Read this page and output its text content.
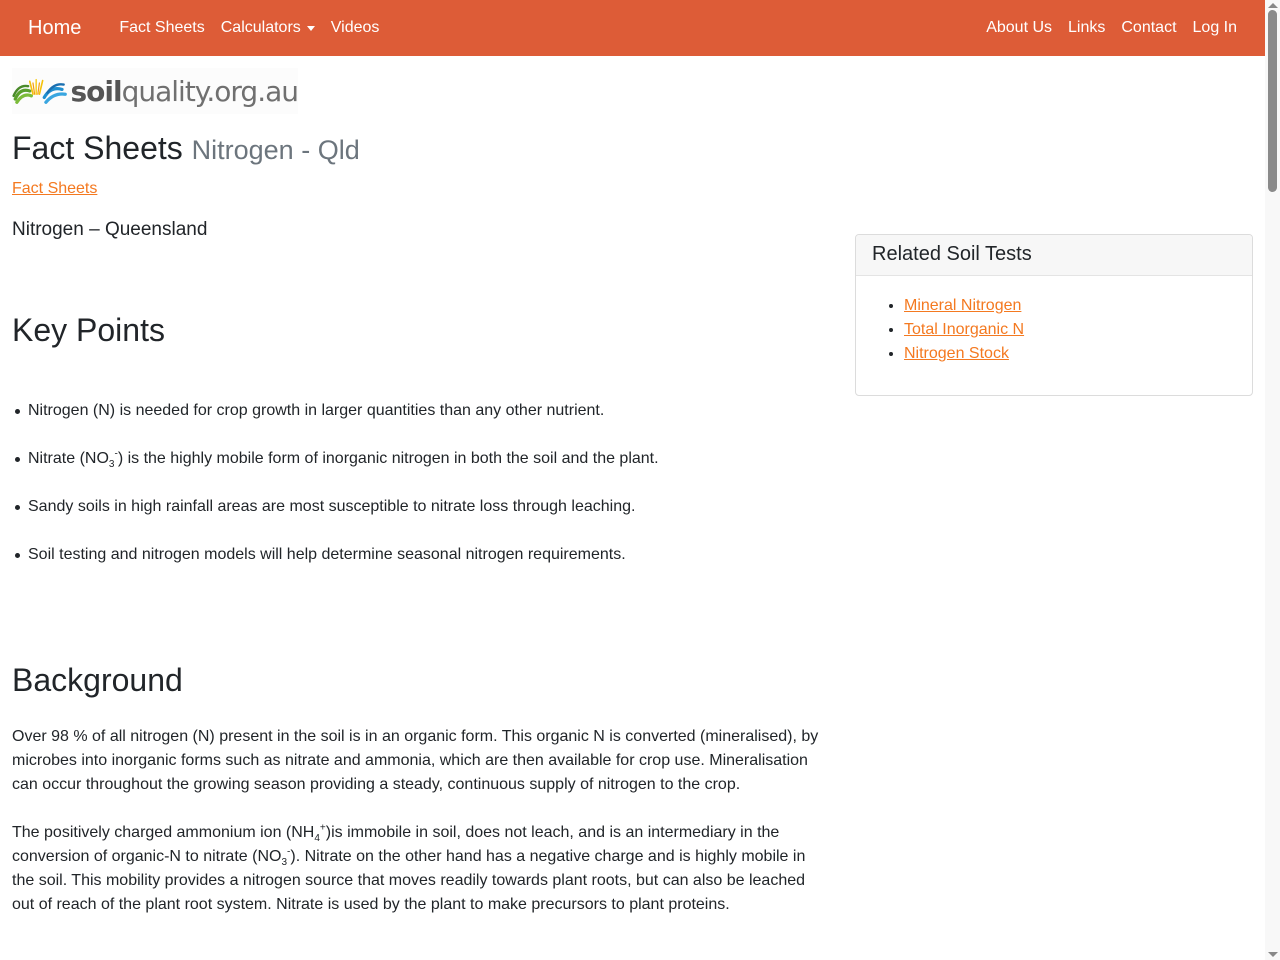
Home	Fact Sheets	Calculators	Videos	About Us	Links	Contact	Log In
soilquality.org.au
Fact Sheets Nitrogen - Qld
Fact Sheets
Nitrogen – Queensland
Key Points
Nitrogen (N) is needed for crop growth in larger quantities than any other nutrient.
Nitrate $(NO_3^-)$ is the highly mobile form of inorganic nitrogen in both the soil and the plant.
Sandy soils in high rainfall areas are most susceptible to nitrate loss through leaching.
Soil testing and nitrogen models will help determine seasonal nitrogen requirements.
Background

Over 98 % of all nitrogen (N) present in the soil is in an organic form. This organic N is converted (mineralised), by microbes into inorganic forms such as nitrate and ammonia, which are then available for crop use. Mineralisation can occur throughout the growing season providing a steady, continuous supply of nitrogen to the crop.

The positively charged ammonium ion $(NH_4^+)is$ immobile in soil, does not leach, and is an intermediary in the conversion of organic-N to nitrate $(NO_3^-)$. Nitrate on the other hand has a negative charge and is highly mobile in the soil. This mobility provides a nitrogen source that moves readily towards plant roots, but can also be leached out of reach of the plant root system. Nitrate is used by the plant to make precursors to plant proteins.

Related Soil Tests
• Mineral Nitrogen
• Total Inorganic N
• Nitrogen Stock
